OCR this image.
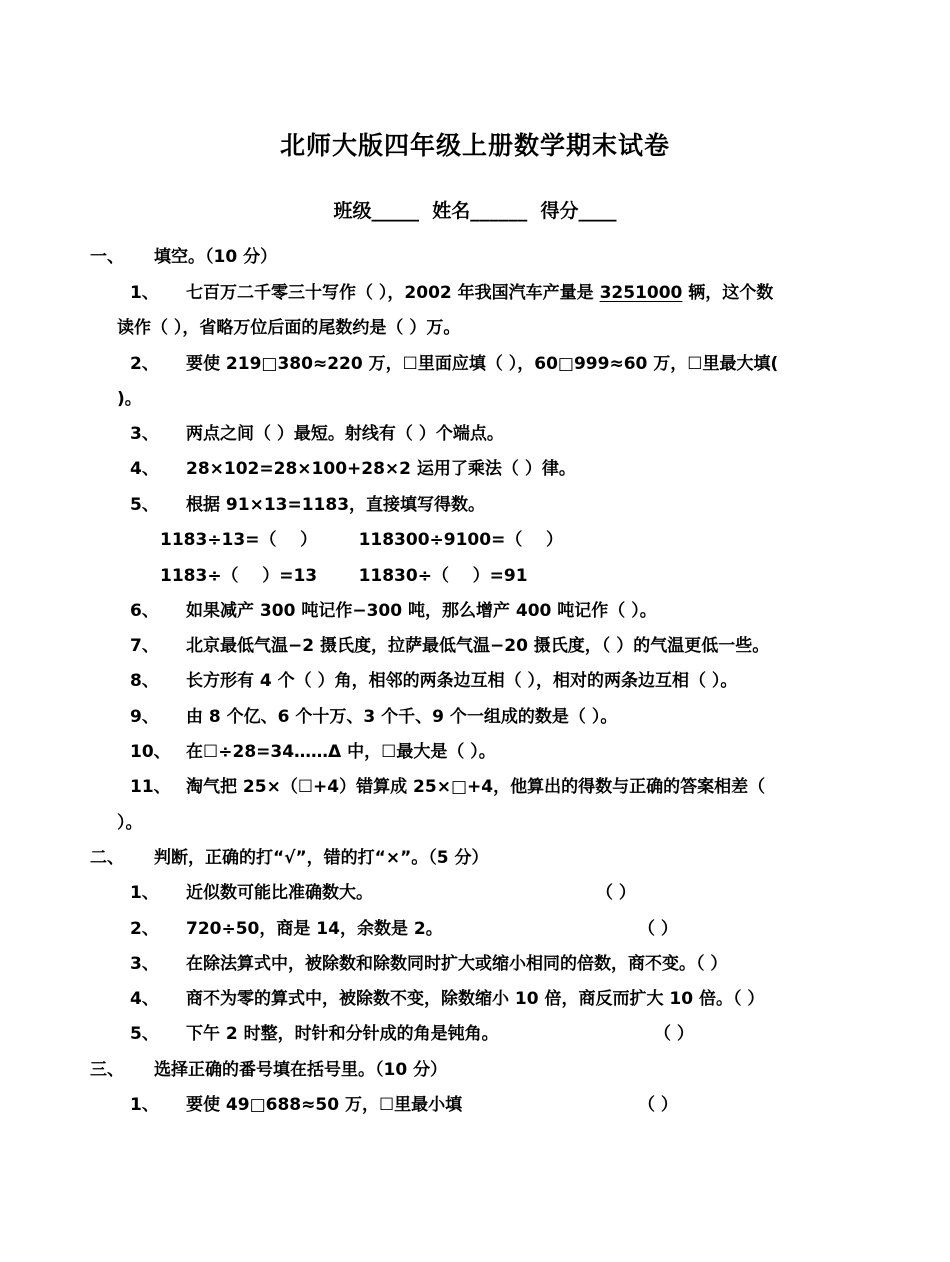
北师大版四年级上册数学期末试卷
班级_____  姓名______  得分____
一、 填空。（10 分）
1、 七百万二千零三十写作（ ），2002 年我国汽车产量是 3251000 辆，这个数
读作（ ），省略万位后面的尾数约是（ ）万。
2、 要使 219□380≈220 万，☐里面应填（ ），60□999≈60 万，☐里最大填(
)。
3、 两点之间（ ）最短。射线有（ ）个端点。
4、 28×102=28×100+28×2 运用了乘法（ ）律。
5、 根据 91×13=1183，直接填写得数。
1183÷13=（    ）       118300÷9100=（    ）
1183÷（    ）=13       11830÷（    ）=91
6、 如果减产 300 吨记作−300 吨，那么增产 400 吨记作（ ）。
7、 北京最低气温−2 摄氏度，拉萨最低气温−20 摄氏度，（ ）的气温更低一些。
8、 长方形有 4 个（ ）角，相邻的两条边互相（ ），相对的两条边互相（ ）。
9、 由 8 个亿、6 个十万、3 个千、9 个一组成的数是（ ）。
10、 在☐÷28=34……Δ 中，☐最大是（ ）。
11、 淘气把 25×（☐+4）错算成 25×□+4，他算出的得数与正确的答案相差（
）。
二、 判断，正确的打“√”，错的打“×”。（5 分）
1、 近似数可能比准确数大。	（ ）
2、 720÷50，商是 14，余数是 2。	（ ）
3、 在除法算式中，被除数和除数同时扩大或缩小相同的倍数，商不变。（ ）
4、 商不为零的算式中，被除数不变，除数缩小 10 倍，商反而扩大 10 倍。（ ）
5、 下午 2 时整，时针和分针成的角是钝角。	（ ）
三、 选择正确的番号填在括号里。（10 分）
1、 要使 49□688≈50 万，☐里最小填	（ ）
